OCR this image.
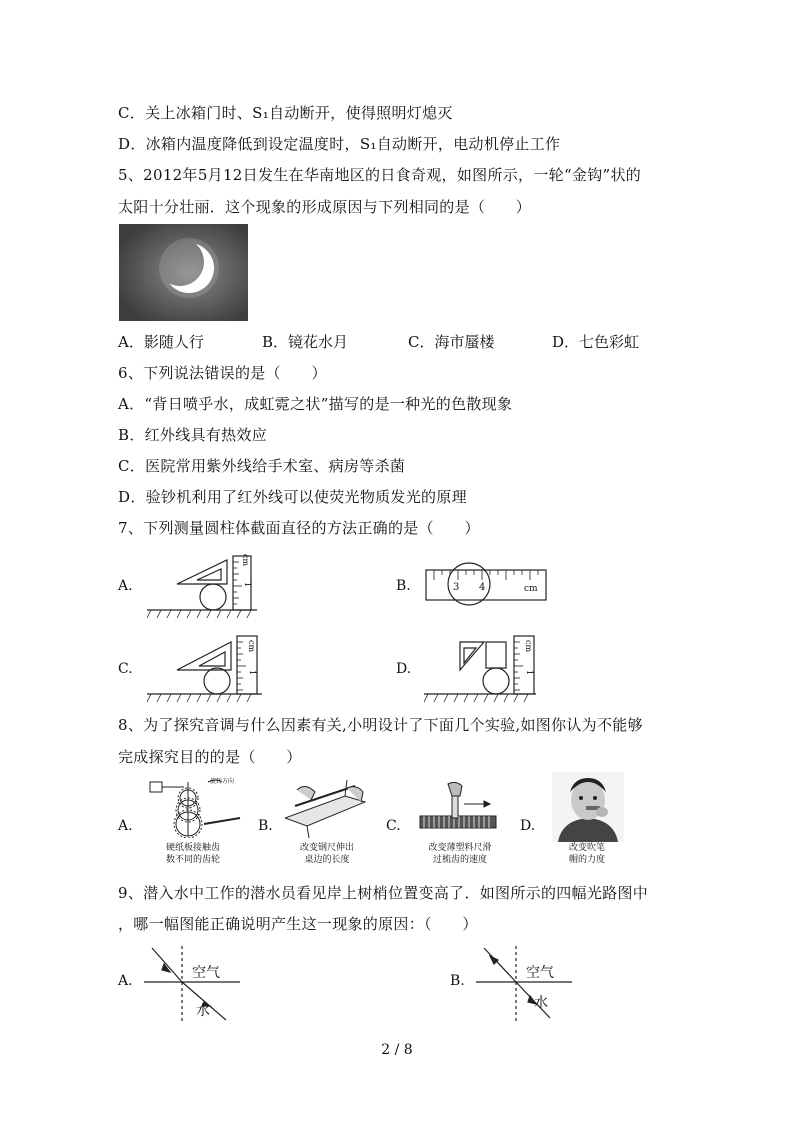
C．关上冰箱门时、S₁自动断开，使得照明灯熄灭
D．冰箱内温度降低到设定温度时，S₁自动断开，电动机停止工作
5、2012年5月12日发生在华南地区的日食奇观，如图所示，一轮“金钩”状的
太阳十分壮丽．这个现象的形成原因与下列相同的是（　　）
A．影随人行	B．镜花水月	C．海市蜃楼	D．七色彩虹
6、下列说法错误的是（　　）
A．“背日喷乎水，成虹霓之状”描写的是一种光的色散现象
B．红外线具有热效应
C．医院常用紫外线给手术室、病房等杀菌
D．验钞机利用了红外线可以使荧光物质发光的原理
7、下列测量圆柱体截面直径的方法正确的是（　　）
A.
cm
1	B.	3 4	cm
C.
cm
1	D.
cm
1
8、为了探究音调与什么因素有关,小明设计了下面几个实验,如图你认为不能够
完成探究目的的是（　　）
A.
旋转方向
硬纸板接触齿
数不同的齿轮
B.
改变钢尺伸出
桌边的长度
C.
改变薄塑料尺滑
过梳齿的速度
D.
改变吹笔
帽的力度
9、潜入水中工作的潜水员看见岸上树梢位置变高了．如图所示的四幅光路图中
，哪一幅图能正确说明产生这一现象的原因：（　　）
A.	空气
水
B.	空气
水
2 / 8
